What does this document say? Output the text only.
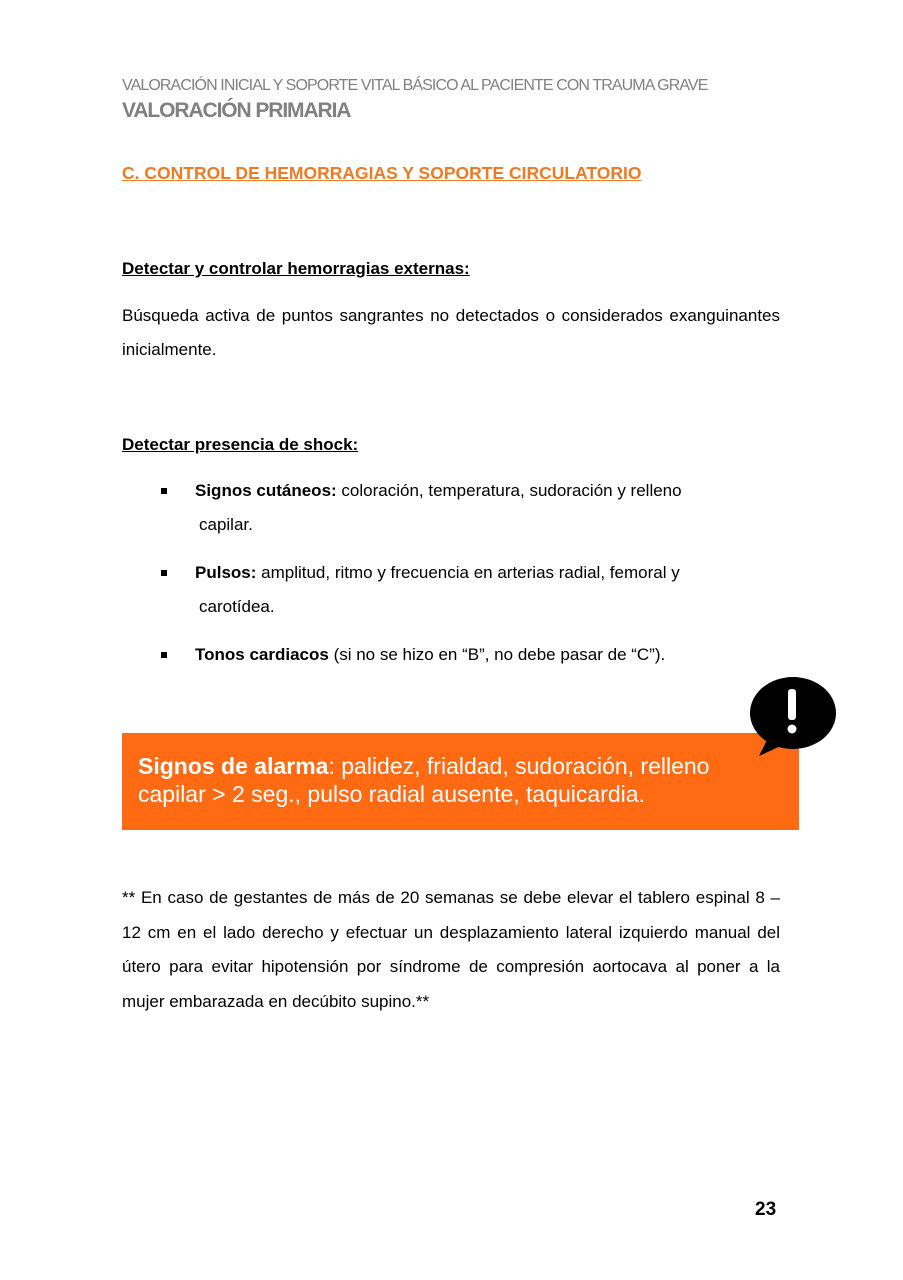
VALORACIÓN INICIAL Y SOPORTE VITAL BÁSICO AL PACIENTE CON TRAUMA GRAVE
VALORACIÓN PRIMARIA
C. CONTROL DE HEMORRAGIAS Y SOPORTE CIRCULATORIO
Detectar y controlar hemorragias externas:
Búsqueda activa de puntos sangrantes no detectados o considerados exanguinantes inicialmente.
Detectar presencia de shock:
Signos cutáneos: coloración, temperatura, sudoración y relleno
capilar.
Pulsos: amplitud, ritmo y frecuencia en arterias radial, femoral y
carotídea.
Tonos cardiacos (si no se hizo en “B”, no debe pasar de “C”).
Signos de alarma: palidez, frialdad, sudoración, relleno capilar > 2 seg., pulso radial ausente, taquicardia.
** En caso de gestantes de más de 20 semanas se debe elevar el tablero espinal 8 – 12 cm en el lado derecho y efectuar un desplazamiento lateral izquierdo manual del útero para evitar hipotensión por síndrome de compresión aortocava al poner a la mujer embarazada en decúbito supino.**
23
